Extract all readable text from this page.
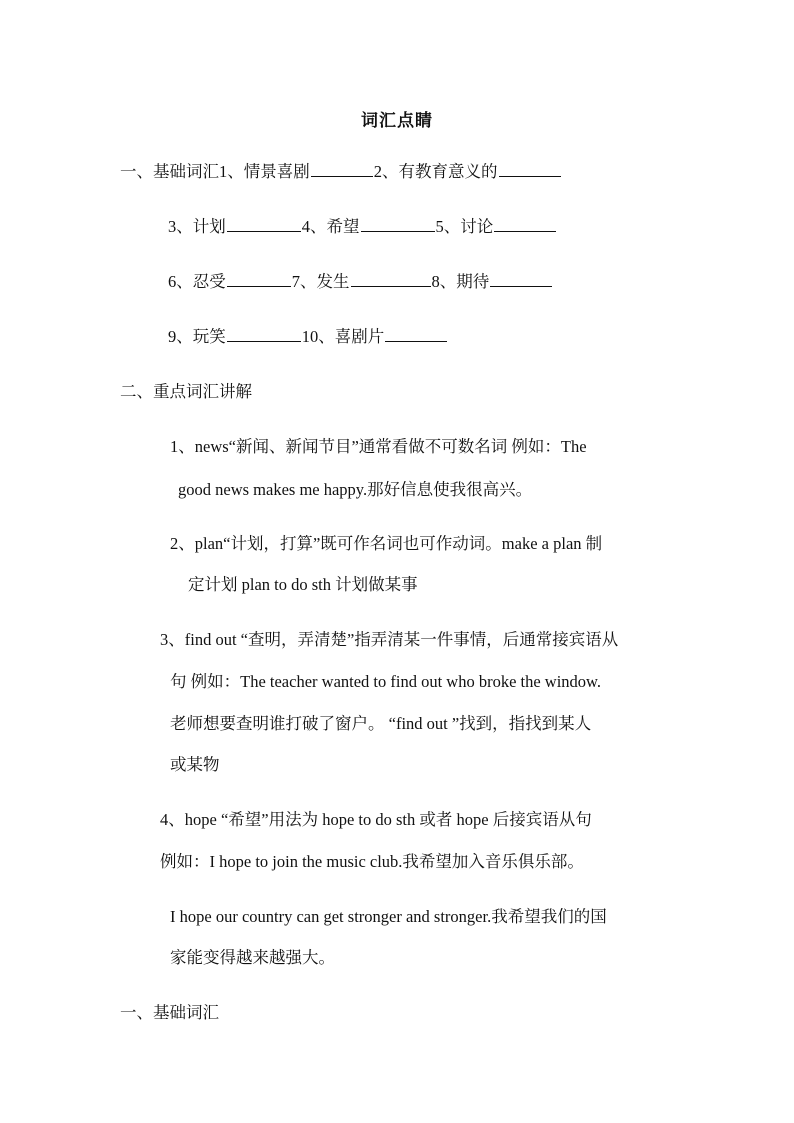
词汇点睛
一、基础词汇1、情景喜剧	2、有教育意义的
3、计划	4、希望	5、讨论
6、忍受	7、发生	8、期待
9、玩笑	10、喜剧片
二、重点词汇讲解
1、news“新闻、新闻节目”通常看做不可数名词 例如：The
good news makes me happy.那好信息使我很高兴。
2、plan“计划，打算”既可作名词也可作动词。make a plan 制
定计划 plan to do sth 计划做某事
3、find out “查明，弄清楚”指弄清某一件事情，后通常接宾语从
句 例如：The teacher wanted to find out who broke the window.
老师想要查明谁打破了窗户。 “find out ”找到，指找到某人
或某物
4、hope “希望”用法为 hope to do sth 或者 hope 后接宾语从句
例如：I hope to join the music club.我希望加入音乐俱乐部。
I hope our country can get stronger and stronger.我希望我们的国
家能变得越来越强大。
一、基础词汇
